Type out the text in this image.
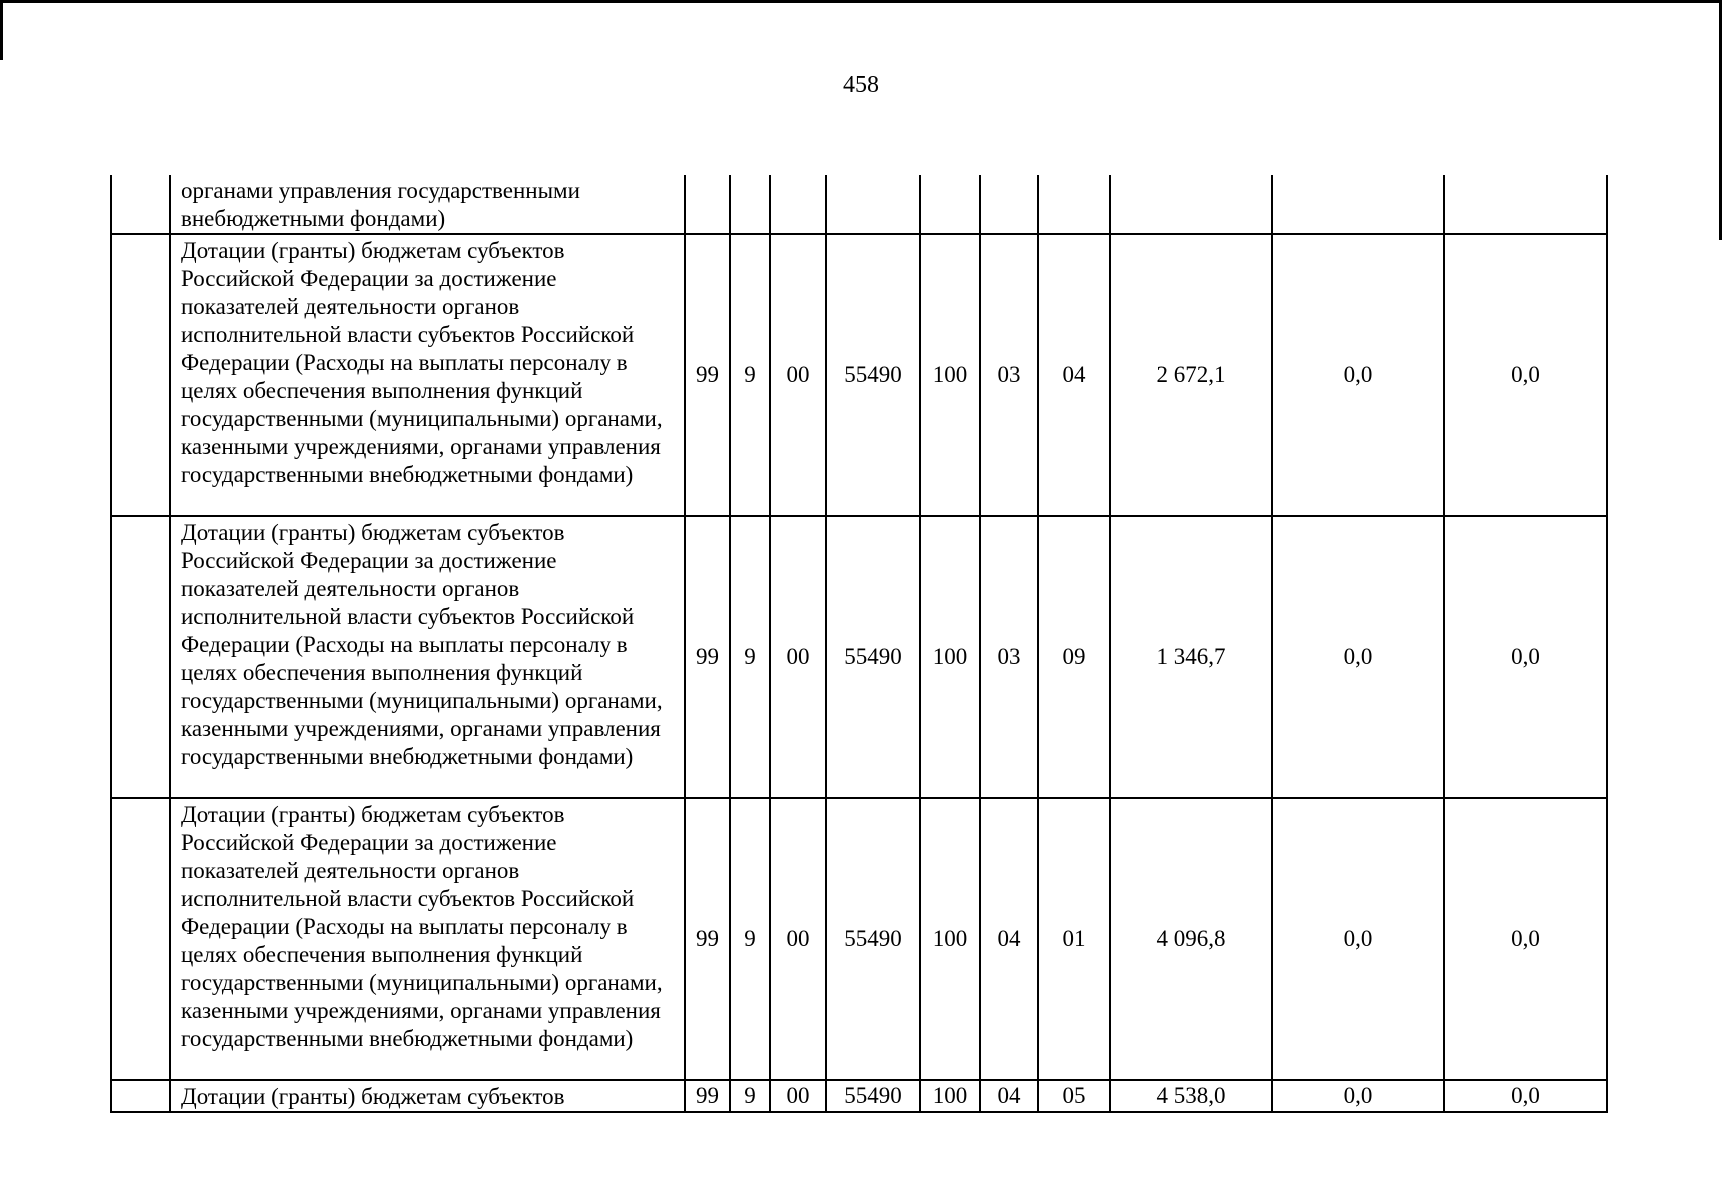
458
	органами управления государственными внебюджетными фондами)										
	Дотации (гранты) бюджетам субъектов Российской Федерации за достижение показателей деятельности органов исполнительной власти субъектов Российской Федерации (Расходы на выплаты персоналу в целях обеспечения выполнения функций государственными (муниципальными) органами, казенными учреждениями, органами управления государственными внебюджетными фондами)	99	9	00	55490	100	03	04	2 672,1	0,0	0,0
	Дотации (гранты) бюджетам субъектов Российской Федерации за достижение показателей деятельности органов исполнительной власти субъектов Российской Федерации (Расходы на выплаты персоналу в целях обеспечения выполнения функций государственными (муниципальными) органами, казенными учреждениями, органами управления государственными внебюджетными фондами)	99	9	00	55490	100	03	09	1 346,7	0,0	0,0
	Дотации (гранты) бюджетам субъектов Российской Федерации за достижение показателей деятельности органов исполнительной власти субъектов Российской Федерации (Расходы на выплаты персоналу в целях обеспечения выполнения функций государственными (муниципальными) органами, казенными учреждениями, органами управления государственными внебюджетными фондами)	99	9	00	55490	100	04	01	4 096,8	0,0	0,0
	Дотации (гранты) бюджетам субъектов	99	9	00	55490	100	04	05	4 538,0	0,0	0,0
